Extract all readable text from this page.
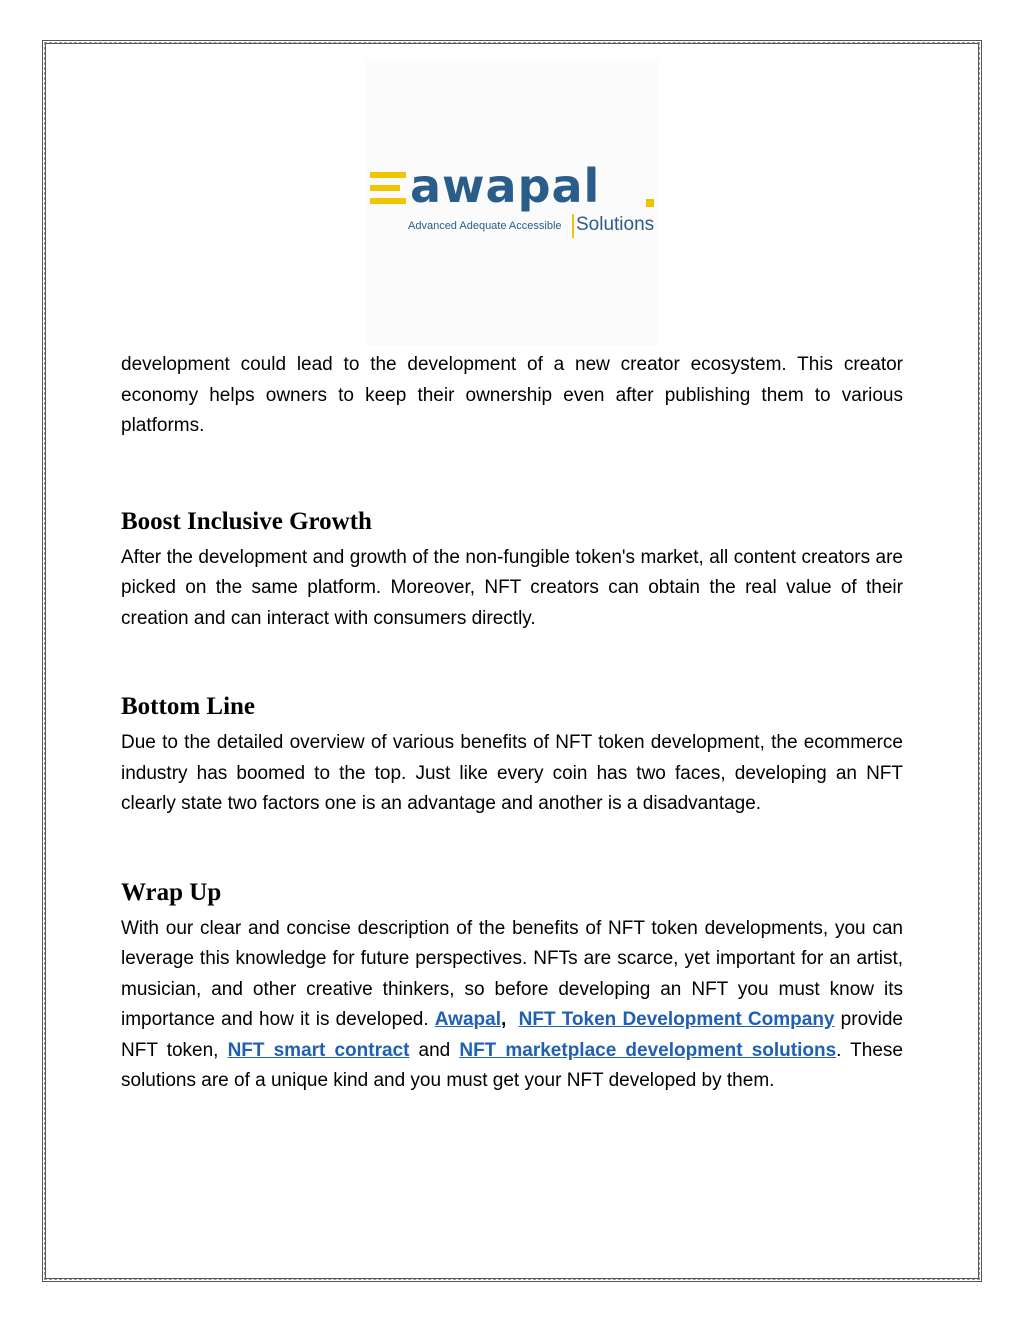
awapal
Advanced Adequate Accessible Solutions

development could lead to the development of a new creator ecosystem. This creator economy helps owners to keep their ownership even after publishing them to various platforms.

Boost Inclusive Growth

After the development and growth of the non-fungible token's market, all content creators are picked on the same platform. Moreover, NFT creators can obtain the real value of their creation and can interact with consumers directly.

Bottom Line

Due to the detailed overview of various benefits of NFT token development, the ecommerce industry has boomed to the top. Just like every coin has two faces, developing an NFT clearly state two factors one is an advantage and another is a disadvantage.

Wrap Up

With our clear and concise description of the benefits of NFT token developments, you can leverage this knowledge for future perspectives. NFTs are scarce, yet important for an artist, musician, and other creative thinkers, so before developing an NFT you must know its importance and how it is developed. Awapal, NFT Token Development Company provide NFT token, NFT smart contract and NFT marketplace development solutions. These solutions are of a unique kind and you must get your NFT developed by them.
